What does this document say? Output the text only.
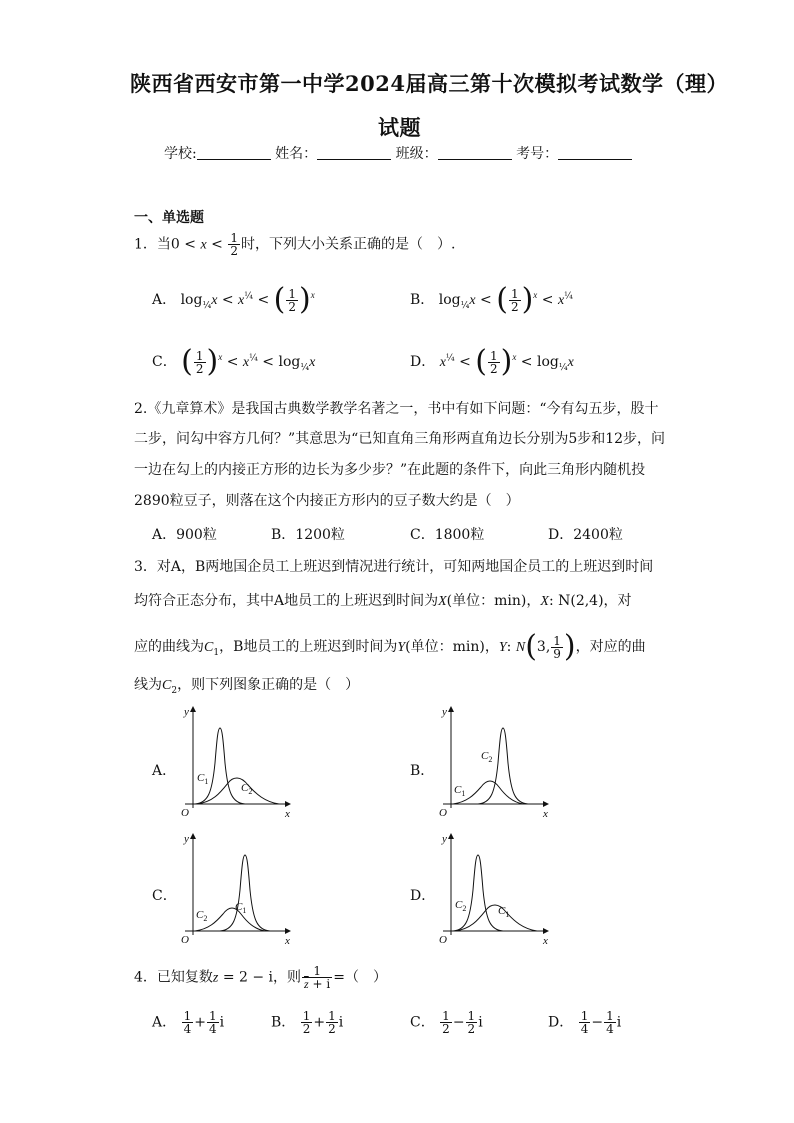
陕西省西安市第一中学2024届高三第十次模拟考试数学（理）
试题
学校:	姓名：	班级：	考号：
一、单选题
1．当$0 < x < \frac{1}{2}$ 时，下列大小关系正确的是（　）.
A． $\log_{\frac{1}{4}}x < x^{\frac{1}{4}}$ < ( $\frac{1}{2} )^x$	B． $\log_{\frac{1}{4}}x$ < ( $\frac{1}{2} )^x < x^{\frac{1}{4}}$
C． ( $\frac{1}{2} )^x < x^{\frac{1}{4}} < \log_{\frac{1}{4}}x$	D． $x^{\frac{1}{4}}$ < ( $\frac{1}{2} )^x < \log_{\frac{1}{4}}x$
2.《九章算术》是我国古典数学教学名著之一，书中有如下问题：“今有勾五步，股十
二步，问勾中容方几何？”其意思为“已知直角三角形两直角边长分别为5步和12步，问
一边在勾上的内接正方形的边长为多少步？”在此题的条件下，向此三角形内随机投
2890粒豆子，则落在这个内接正方形内的豆子数大约是（　）
A．900粒	B．1200粒	C．1800粒	D．2400粒
3．对A，B两地国企员工上班迟到情况进行统计，可知两地国企员工的上班迟到时间
均符合正态分布，其中A地员工的上班迟到时间为X(单位：min)，X: N(2,4)，对
应的曲线为$C_1$，B地员工的上班迟到时间为Y(单位：min)，Y: N(3, $\frac{1}{9}$ )，对应的曲
线为$C_2$，则下列图象正确的是（　）
A．	B．
C．	D．
y
x
O
$C_1$
$C_2$
y
x
O
$C_1$
$C_2$
y
x
O
$C_2$
$C_1$
y
x
O
$C_2$	$C_1$
4．已知复数z = 2 − i，则 $\frac{1}{\overline{z} + i}$ =（　）
A． $\frac{1}{4} + \frac{1}{4}$ i	B． $\frac{1}{2} + \frac{1}{2}$ i	C． $\frac{1}{2} - \frac{1}{2}$ i	D． $\frac{1}{4} - \frac{1}{4}$ i
